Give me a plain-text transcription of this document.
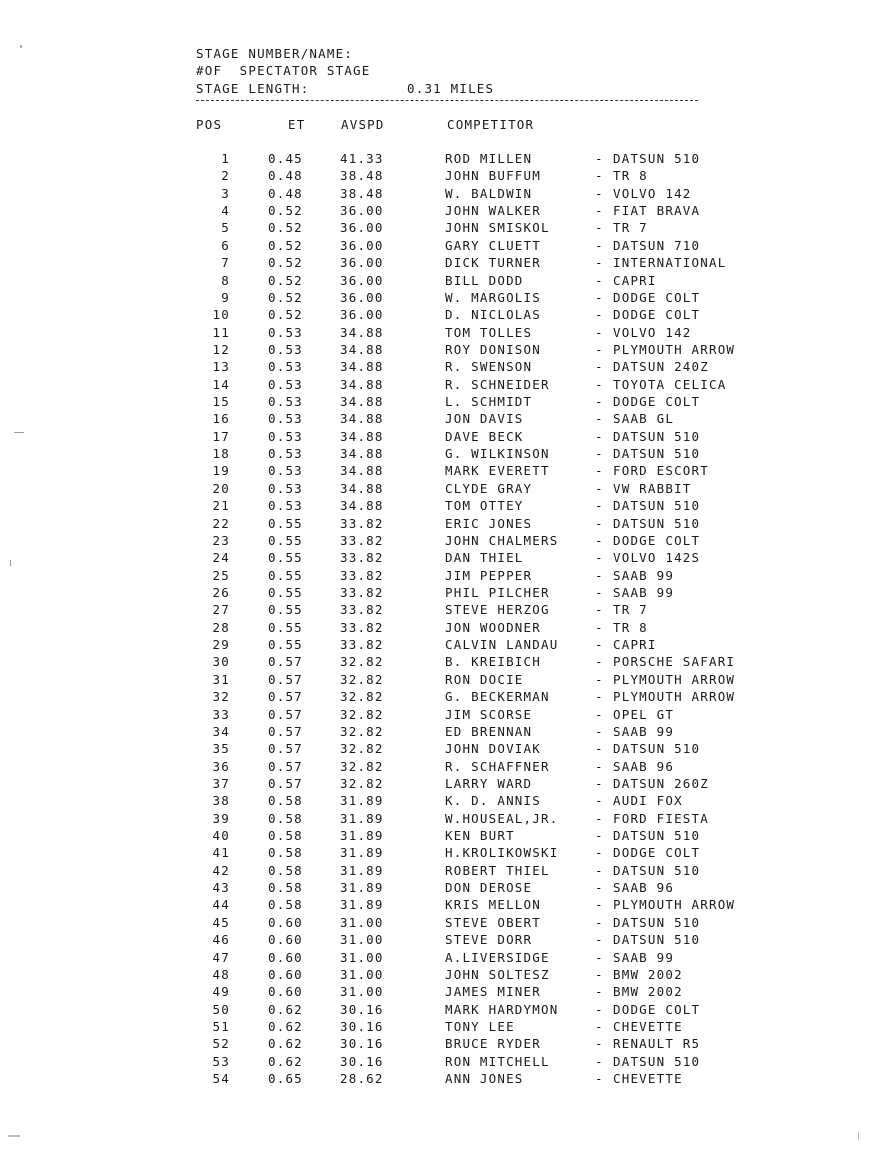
STAGE NUMBER/NAME:
#OF  SPECTATOR STAGE
STAGE LENGTH:	0.31 MILES
POS	ET	AVSPD	COMPETITOR
1	0.45	41.33	ROD MILLEN	- DATSUN 510
2	0.48	38.48	JOHN BUFFUM	- TR 8
3	0.48	38.48	W. BALDWIN	- VOLVO 142
4	0.52	36.00	JOHN WALKER	- FIAT BRAVA
5	0.52	36.00	JOHN SMISKOL	- TR 7
6	0.52	36.00	GARY CLUETT	- DATSUN 710
7	0.52	36.00	DICK TURNER	- INTERNATIONAL
8	0.52	36.00	BILL DODD	- CAPRI
9	0.52	36.00	W. MARGOLIS	- DODGE COLT
10	0.52	36.00	D. NICLOLAS	- DODGE COLT
11	0.53	34.88	TOM TOLLES	- VOLVO 142
12	0.53	34.88	ROY DONISON	- PLYMOUTH ARROW
13	0.53	34.88	R. SWENSON	- DATSUN 240Z
14	0.53	34.88	R. SCHNEIDER	- TOYOTA CELICA
15	0.53	34.88	L. SCHMIDT	- DODGE COLT
16	0.53	34.88	JON DAVIS	- SAAB GL
17	0.53	34.88	DAVE BECK	- DATSUN 510
18	0.53	34.88	G. WILKINSON	- DATSUN 510
19	0.53	34.88	MARK EVERETT	- FORD ESCORT
20	0.53	34.88	CLYDE GRAY	- VW RABBIT
21	0.53	34.88	TOM OTTEY	- DATSUN 510
22	0.55	33.82	ERIC JONES	- DATSUN 510
23	0.55	33.82	JOHN CHALMERS	- DODGE COLT
24	0.55	33.82	DAN THIEL	- VOLVO 142S
25	0.55	33.82	JIM PEPPER	- SAAB 99
26	0.55	33.82	PHIL PILCHER	- SAAB 99
27	0.55	33.82	STEVE HERZOG	- TR 7
28	0.55	33.82	JON WOODNER	- TR 8
29	0.55	33.82	CALVIN LANDAU	- CAPRI
30	0.57	32.82	B. KREIBICH	- PORSCHE SAFARI
31	0.57	32.82	RON DOCIE	- PLYMOUTH ARROW
32	0.57	32.82	G. BECKERMAN	- PLYMOUTH ARROW
33	0.57	32.82	JIM SCORSE	- OPEL GT
34	0.57	32.82	ED BRENNAN	- SAAB 99
35	0.57	32.82	JOHN DOVIAK	- DATSUN 510
36	0.57	32.82	R. SCHAFFNER	- SAAB 96
37	0.57	32.82	LARRY WARD	- DATSUN 260Z
38	0.58	31.89	K. D. ANNIS	- AUDI FOX
39	0.58	31.89	W.HOUSEAL,JR.	- FORD FIESTA
40	0.58	31.89	KEN BURT	- DATSUN 510
41	0.58	31.89	H.KROLIKOWSKI	- DODGE COLT
42	0.58	31.89	ROBERT THIEL	- DATSUN 510
43	0.58	31.89	DON DEROSE	- SAAB 96
44	0.58	31.89	KRIS MELLON	- PLYMOUTH ARROW
45	0.60	31.00	STEVE OBERT	- DATSUN 510
46	0.60	31.00	STEVE DORR	- DATSUN 510
47	0.60	31.00	A.LIVERSIDGE	- SAAB 99
48	0.60	31.00	JOHN SOLTESZ	- BMW 2002
49	0.60	31.00	JAMES MINER	- BMW 2002
50	0.62	30.16	MARK HARDYMON	- DODGE COLT
51	0.62	30.16	TONY LEE	- CHEVETTE
52	0.62	30.16	BRUCE RYDER	- RENAULT R5
53	0.62	30.16	RON MITCHELL	- DATSUN 510
54	0.65	28.62	ANN JONES	- CHEVETTE
